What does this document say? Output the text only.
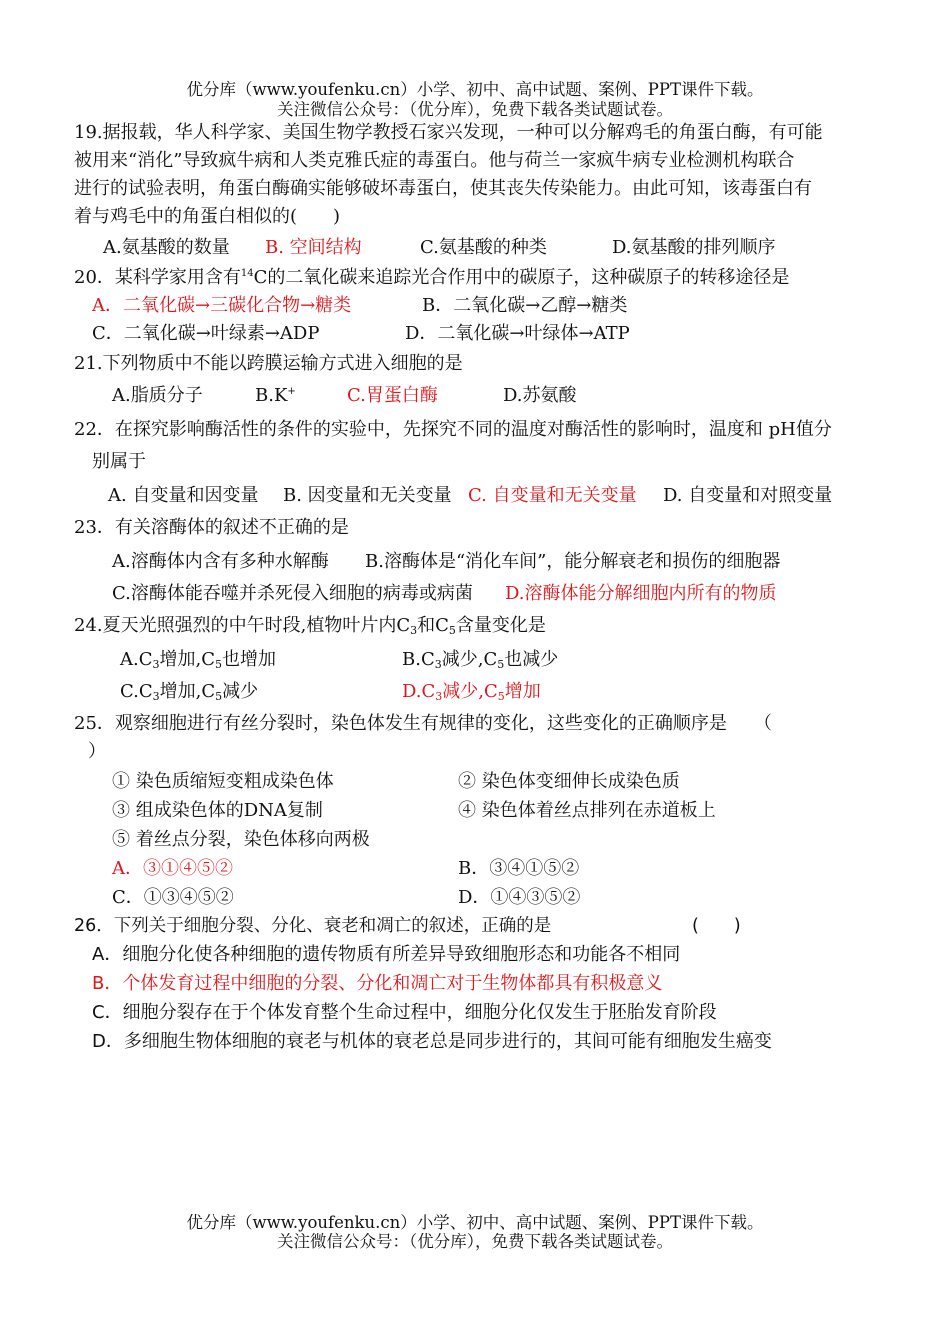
优分库（www.youfenku.cn）小学、初中、高中试题、案例、PPT课件下载。
关注微信公众号：（优分库），免费下载各类试题试卷。
19.据报载，华人科学家、美国生物学教授石家兴发现，一种可以分解鸡毛的角蛋白酶，有可能
被用来“消化”导致疯牛病和人类克雅氏症的毒蛋白。他与荷兰一家疯牛病专业检测机构联合
进行的试验表明，角蛋白酶确实能够破坏毒蛋白，使其丧失传染能力。由此可知，该毒蛋白有
着与鸡毛中的角蛋白相似的(　　)
A.氨基酸的数量 B. 空间结构	C.氨基酸的种类	D.氨基酸的排列顺序
20．某科学家用含有$^{14}$C的二氧化碳来追踪光合作用中的碳原子，这种碳原子的转移途径是
A．二氧化碳→三碳化合物→糖类	B．二氧化碳→乙醇→糖类
C．二氧化碳→叶绿素→ADP	D．二氧化碳→叶绿体→ATP
21.下列物质中不能以跨膜运输方式进入细胞的是
A.脂质分子	B.K+	C.胃蛋白酶	D.苏氨酸
22．在探究影响酶活性的条件的实验中，先探究不同的温度对酶活性的影响时，温度和 pH值分
别属于
A. 自变量和因变量 B. 因变量和无关变量 C. 自变量和无关变量 D. 自变量和对照变量
23．有关溶酶体的叙述不正确的是
A.溶酶体内含有多种水解酶 B.溶酶体是“消化车间”，能分解衰老和损伤的细胞器
C.溶酶体能吞噬并杀死侵入细胞的病毒或病菌 D.溶酶体能分解细胞内所有的物质
24.夏天光照强烈的中午时段,植物叶片内$C_3$和$C_5$含量变化是
$A.C_3$增加$,C_5$也增加	$B.C_3$减少$,C_5$也减少
$C.C_3$增加$,C_5$减少	$D.C_3$减少$,C_5$增加
25．观察细胞进行有丝分裂时，染色体发生有规律的变化，这些变化的正确顺序是　　（
）
① 染色质缩短变粗成染色体	② 染色体变细伸长成染色质
③ 组成染色体的DNA复制	④ 染色体着丝点排列在赤道板上
⑤ 着丝点分裂，染色体移向两极
A．③①④⑤②	B．③④①⑤②
C．①③④⑤②	D．①④③⑤②
26．下列关于细胞分裂、分化、衰老和凋亡的叙述，正确的是	(　　)
A．细胞分化使各种细胞的遗传物质有所差异导致细胞形态和功能各不相同
B．个体发育过程中细胞的分裂、分化和凋亡对于生物体都具有积极意义
C．细胞分裂存在于个体发育整个生命过程中，细胞分化仅发生于胚胎发育阶段
D．多细胞生物体细胞的衰老与机体的衰老总是同步进行的，其间可能有细胞发生癌变
优分库（www.youfenku.cn）小学、初中、高中试题、案例、PPT课件下载。
关注微信公众号：（优分库），免费下载各类试题试卷。
